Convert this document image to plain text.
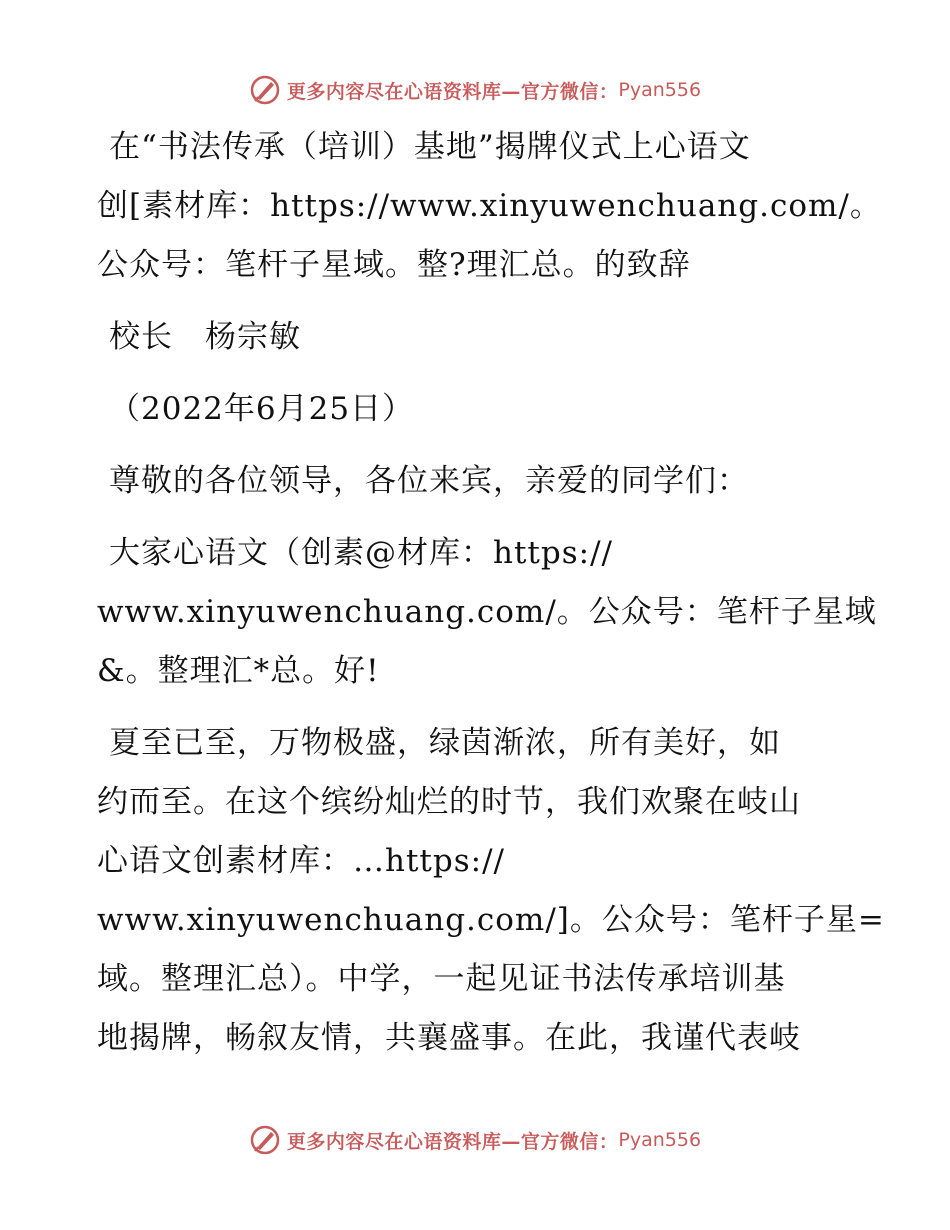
更多内容尽在心语资料库—官方微信： Pyan556
在“书法传承（培训）基地”揭牌仪式上心语文
创[素材库：https://www.xinyuwenchuang.com/。
公众号：笔杆子星域。整?理汇总。的致辞
校长　杨宗敏
（2022年6月25日）
尊敬的各位领导，各位来宾，亲爱的同学们：
大家心语文（创素@材库：https://
www.xinyuwenchuang.com/。公众号：笔杆子星域
&。整理汇*总。好!
夏至已至，万物极盛，绿茵渐浓，所有美好，如
约而至。在这个缤纷灿烂的时节，我们欢聚在岐山
心语文创素材库：…https://
www.xinyuwenchuang.com/]。公众号：笔杆子星=
域。整理汇总）。中学，一起见证书法传承培训基
地揭牌，畅叙友情，共襄盛事。在此，我谨代表岐
更多内容尽在心语资料库—官方微信： Pyan556
